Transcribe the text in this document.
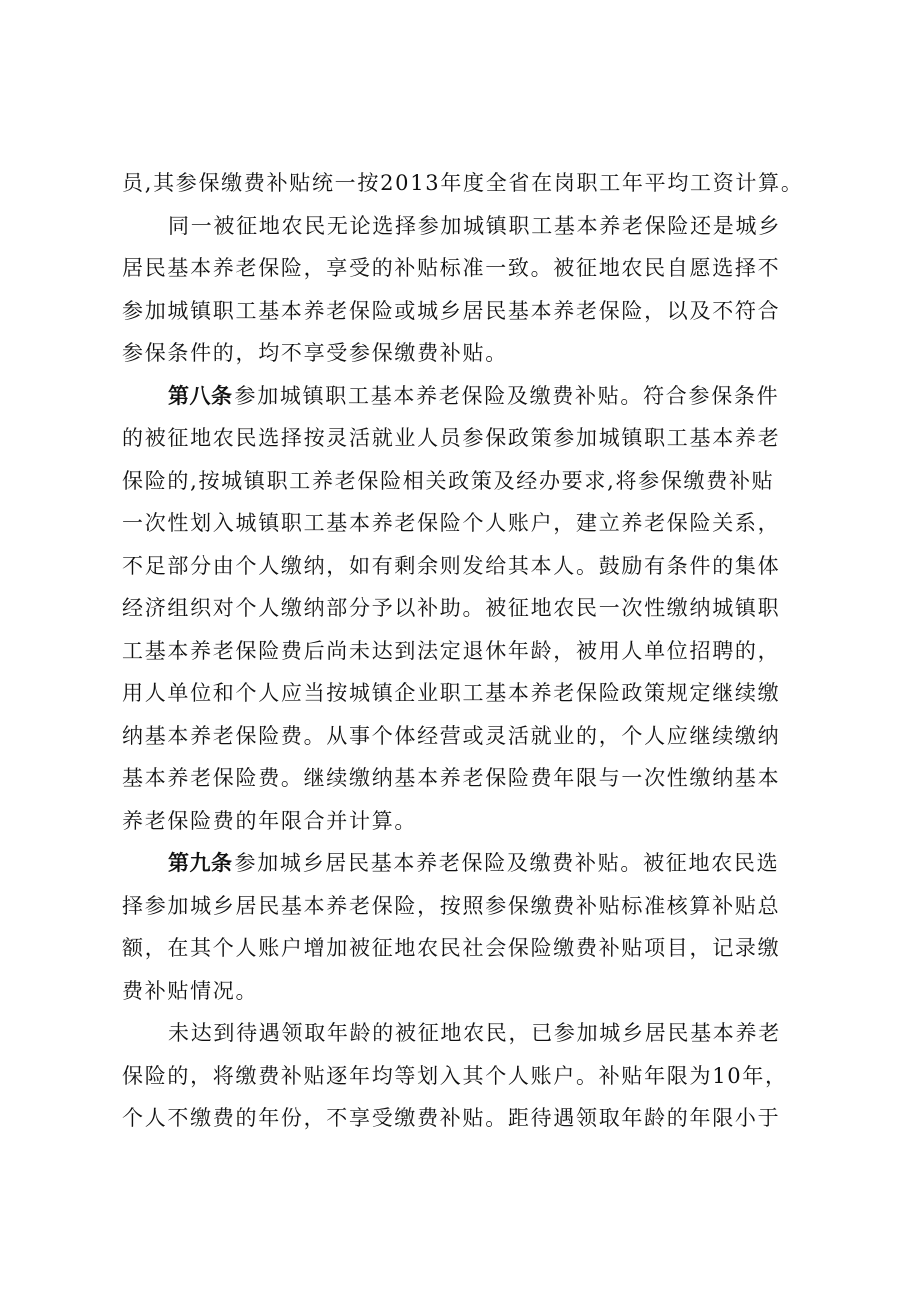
员,其参保缴费补贴统一按2013年度全省在岗职工年平均工资计算。
同一被征地农民无论选择参加城镇职工基本养老保险还是城乡
居民基本养老保险，享受的补贴标准一致。被征地农民自愿选择不
参加城镇职工基本养老保险或城乡居民基本养老保险，以及不符合
参保条件的，均不享受参保缴费补贴。
第八条参加城镇职工基本养老保险及缴费补贴。符合参保条件
的被征地农民选择按灵活就业人员参保政策参加城镇职工基本养老
保险的,按城镇职工养老保险相关政策及经办要求,将参保缴费补贴
一次性划入城镇职工基本养老保险个人账户，建立养老保险关系，
不足部分由个人缴纳，如有剩余则发给其本人。鼓励有条件的集体
经济组织对个人缴纳部分予以补助。被征地农民一次性缴纳城镇职
工基本养老保险费后尚未达到法定退休年龄，被用人单位招聘的，
用人单位和个人应当按城镇企业职工基本养老保险政策规定继续缴
纳基本养老保险费。从事个体经营或灵活就业的，个人应继续缴纳
基本养老保险费。继续缴纳基本养老保险费年限与一次性缴纳基本
养老保险费的年限合并计算。
第九条参加城乡居民基本养老保险及缴费补贴。被征地农民选
择参加城乡居民基本养老保险，按照参保缴费补贴标准核算补贴总
额，在其个人账户增加被征地农民社会保险缴费补贴项目，记录缴
费补贴情况。
未达到待遇领取年龄的被征地农民，已参加城乡居民基本养老
保险的，将缴费补贴逐年均等划入其个人账户。补贴年限为10年，
个人不缴费的年份，不享受缴费补贴。距待遇领取年龄的年限小于
